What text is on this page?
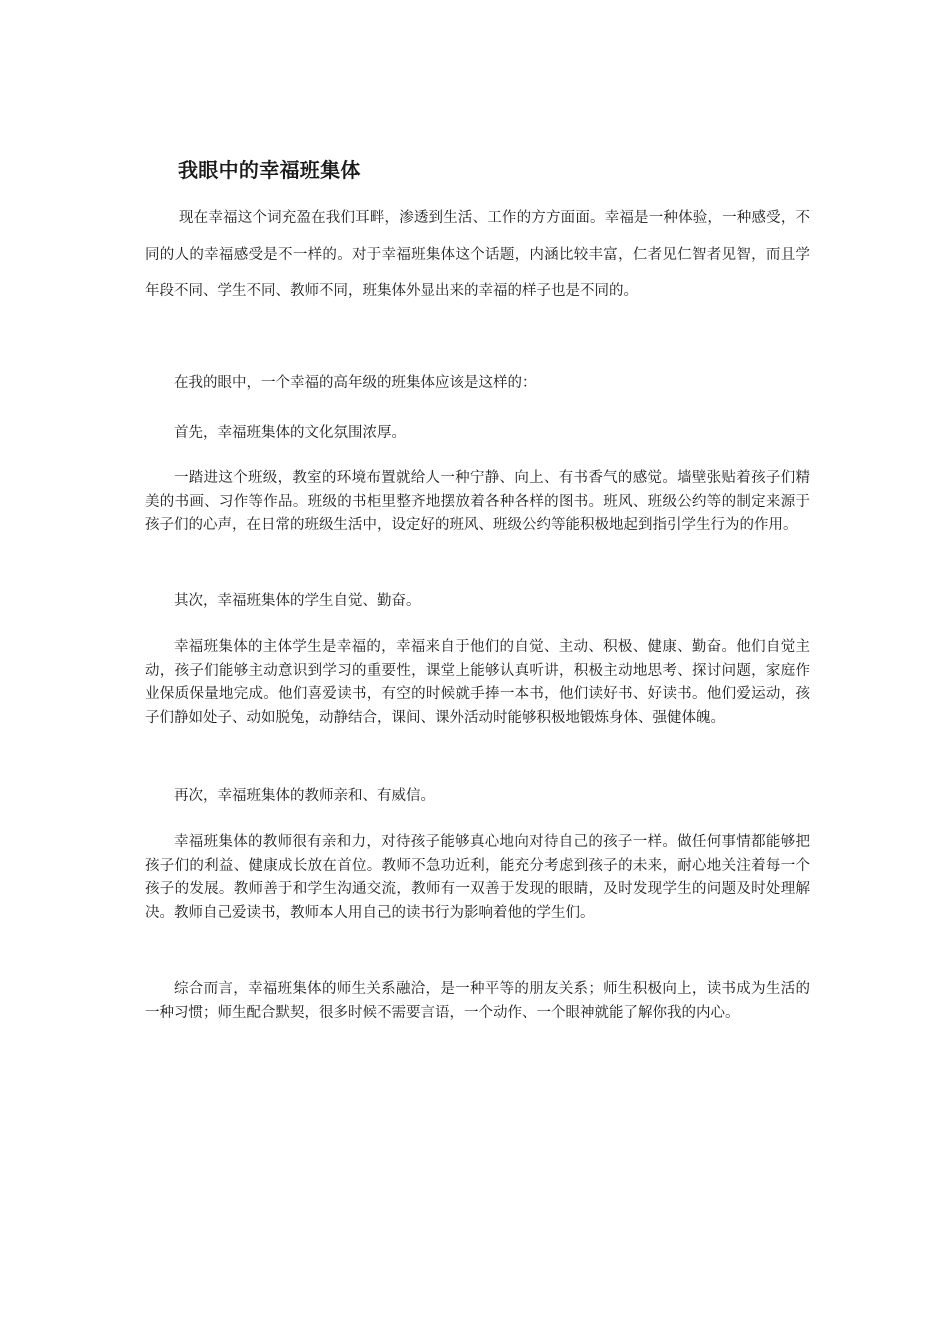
我眼中的幸福班集体

现在幸福这个词充盈在我们耳畔，渗透到生活、工作的方方面面。幸福是一种体验，一种感受，不同的人的幸福感受是不一样的。对于幸福班集体这个话题，内涵比较丰富，仁者见仁智者见智，而且学年段不同、学生不同、教师不同，班集体外显出来的幸福的样子也是不同的。

在我的眼中，一个幸福的高年级的班集体应该是这样的：

首先，幸福班集体的文化氛围浓厚。

一踏进这个班级，教室的环境布置就给人一种宁静、向上、有书香气的感觉。墙壁张贴着孩子们精美的书画、习作等作品。班级的书柜里整齐地摆放着各种各样的图书。班风、班级公约等的制定来源于孩子们的心声，在日常的班级生活中，设定好的班风、班级公约等能积极地起到指引学生行为的作用。

其次，幸福班集体的学生自觉、勤奋。

幸福班集体的主体学生是幸福的，幸福来自于他们的自觉、主动、积极、健康、勤奋。他们自觉主动，孩子们能够主动意识到学习的重要性，课堂上能够认真听讲，积极主动地思考、探讨问题，家庭作业保质保量地完成。他们喜爱读书，有空的时候就手捧一本书，他们读好书、好读书。他们爱运动，孩子们静如处子、动如脱兔，动静结合，课间、课外活动时能够积极地锻炼身体、强健体魄。

再次，幸福班集体的教师亲和、有威信。

幸福班集体的教师很有亲和力，对待孩子能够真心地向对待自己的孩子一样。做任何事情都能够把孩子们的利益、健康成长放在首位。教师不急功近利，能充分考虑到孩子的未来，耐心地关注着每一个孩子的发展。教师善于和学生沟通交流，教师有一双善于发现的眼睛，及时发现学生的问题及时处理解决。教师自己爱读书，教师本人用自己的读书行为影响着他的学生们。

综合而言，幸福班集体的师生关系融洽，是一种平等的朋友关系；师生积极向上，读书成为生活的一种习惯；师生配合默契，很多时候不需要言语，一个动作、一个眼神就能了解你我的内心。
